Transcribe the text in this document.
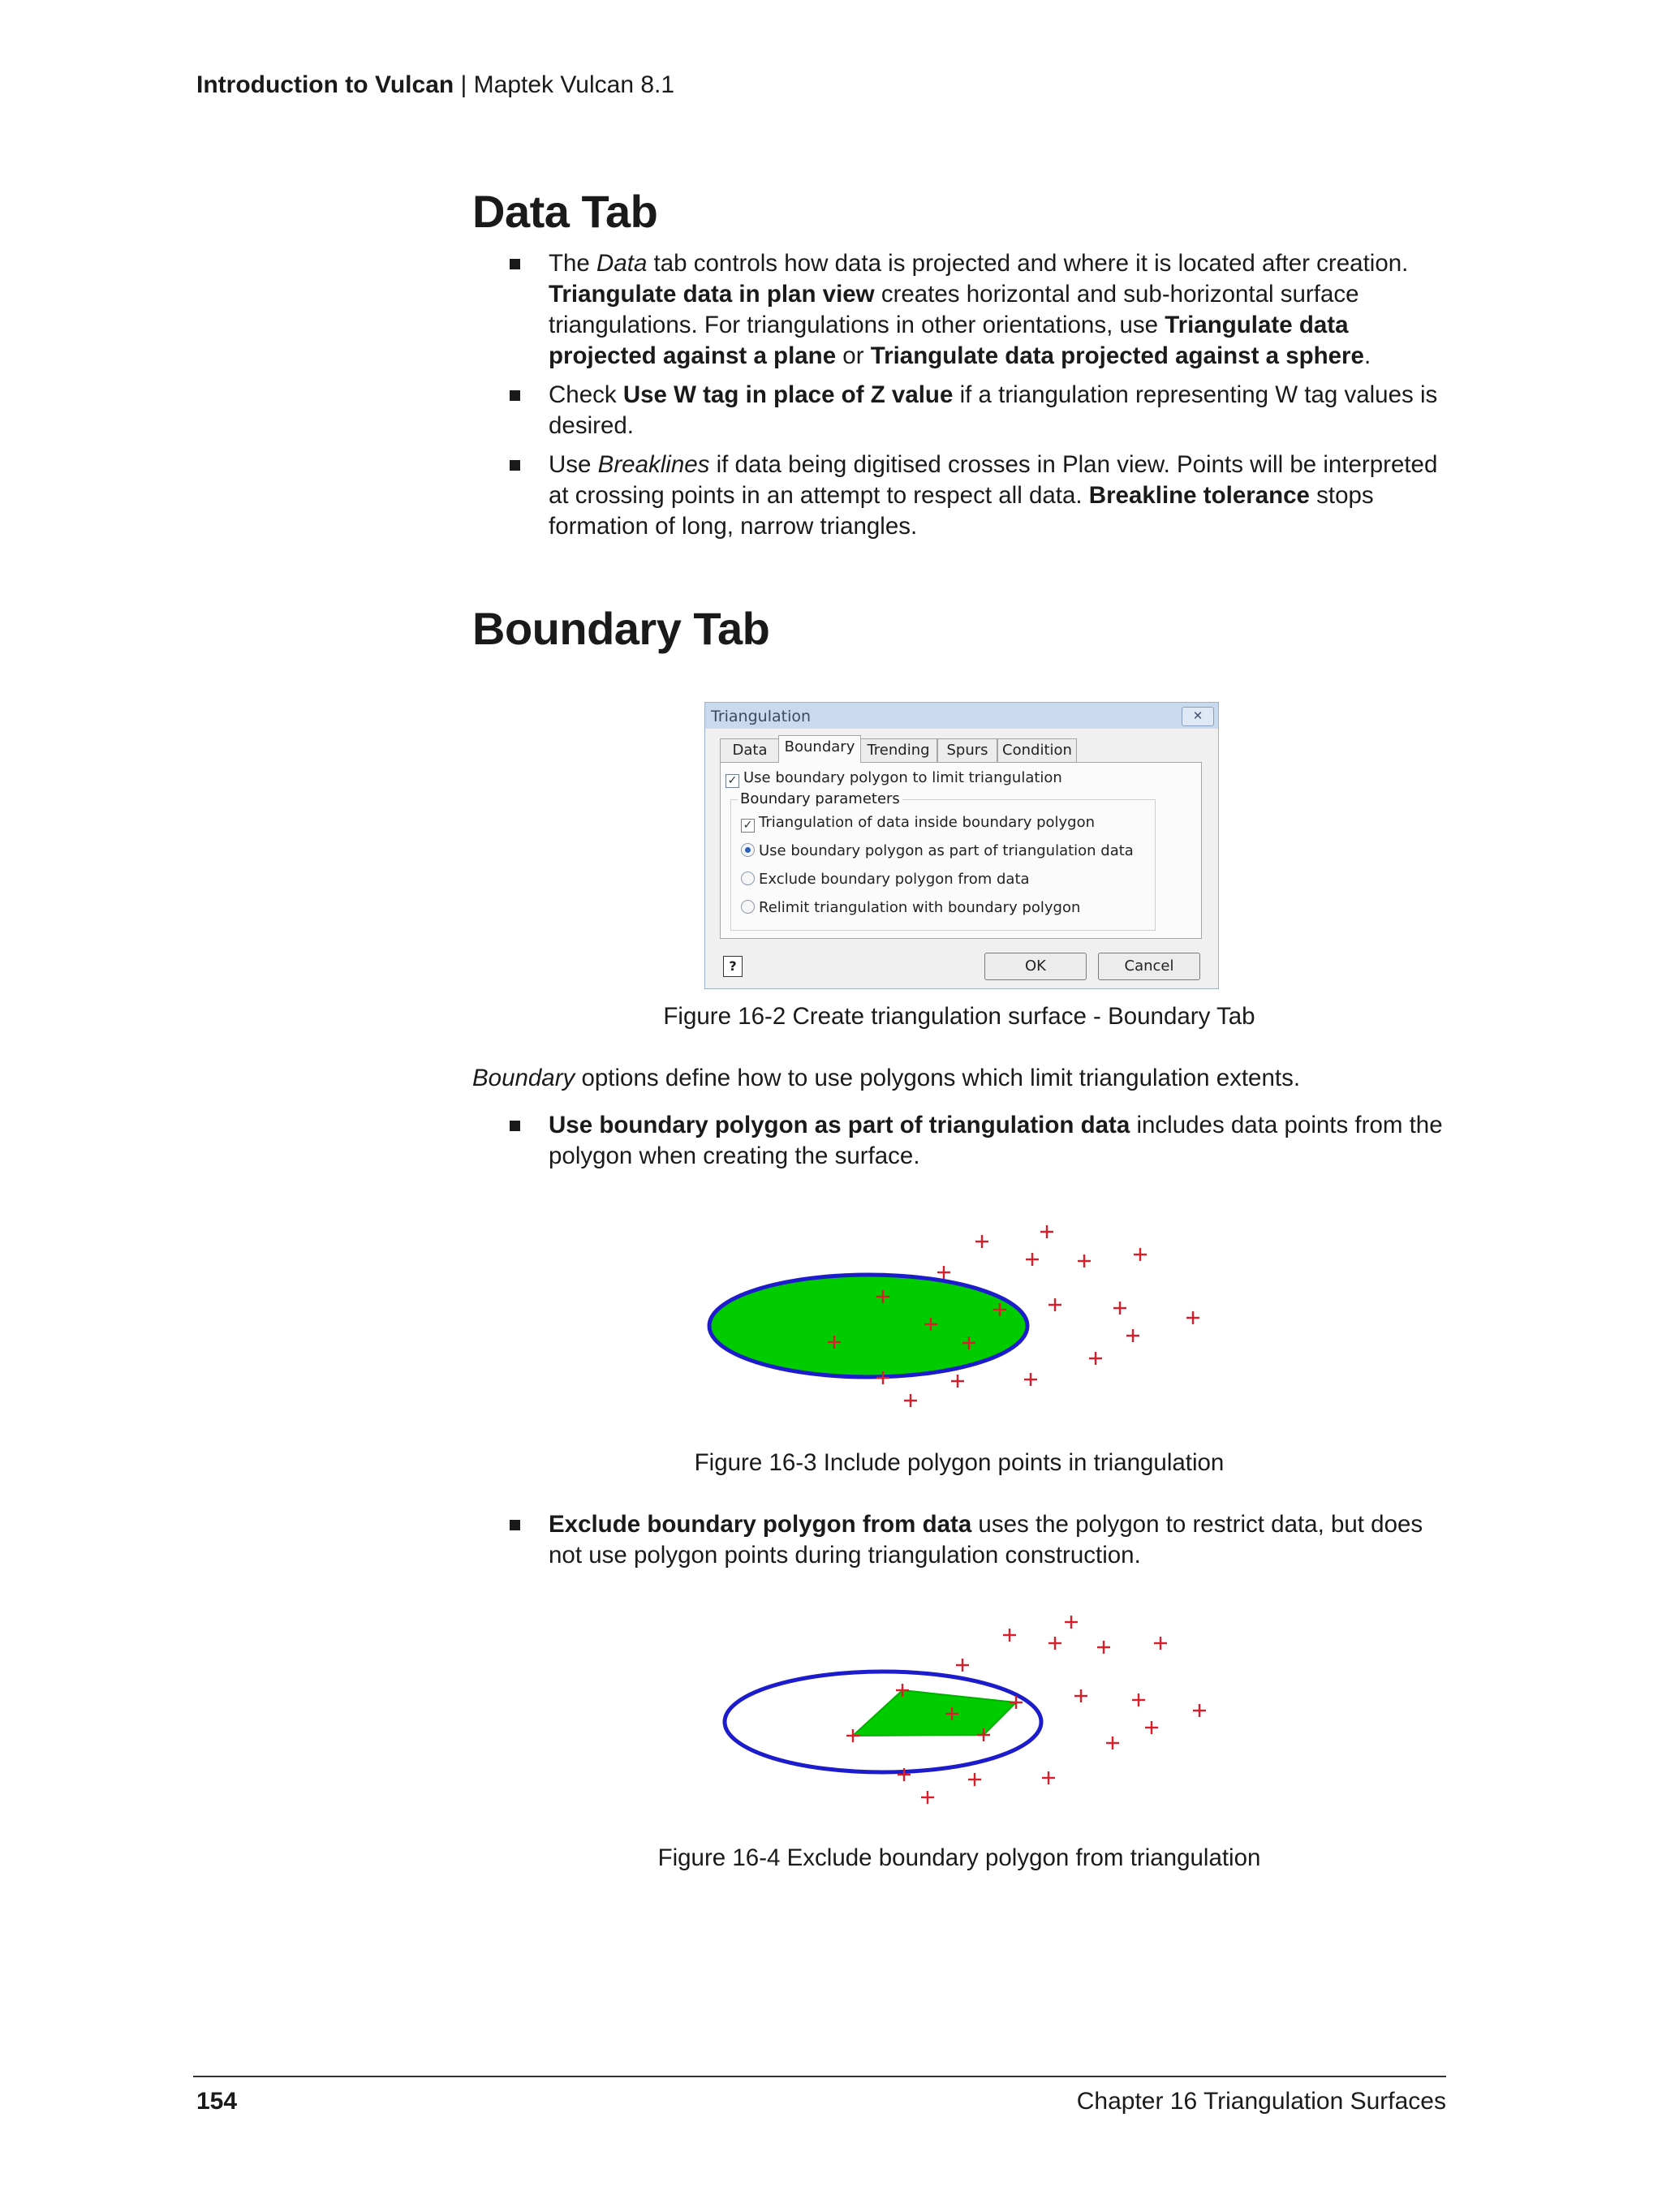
Introduction to Vulcan | Maptek Vulcan 8.1
Data Tab
The Data tab controls how data is projected and where it is located after creation. Triangulate data in plan view creates horizontal and sub-horizontal surface triangulations. For triangulations in other orientations, use Triangulate data projected against a plane or Triangulate data projected against a sphere.
Check Use W tag in place of Z value if a triangulation representing W tag values is desired.
Use Breaklines if data being digitised crosses in Plan view. Points will be interpreted at crossing points in an attempt to respect all data. Breakline tolerance stops formation of long, narrow triangles.
Boundary Tab
Triangulation	✕
Data	Boundary Trending	Spurs Condition
✓ Use boundary polygon to limit triangulation
Boundary parameters
✓ Triangulation of data inside boundary polygon
Use boundary polygon as part of triangulation data
Exclude boundary polygon from data
Relimit triangulation with boundary polygon
?	OK	Cancel
Figure 16-2 Create triangulation surface - Boundary Tab
Boundary options define how to use polygons which limit triangulation extents.
Use boundary polygon as part of triangulation data includes data points from the polygon when creating the surface.
Figure 16-3 Include polygon points in triangulation
Exclude boundary polygon from data uses the polygon to restrict data, but does not use polygon points during triangulation construction.
Figure 16-4 Exclude boundary polygon from triangulation
154	Chapter 16 Triangulation Surfaces
